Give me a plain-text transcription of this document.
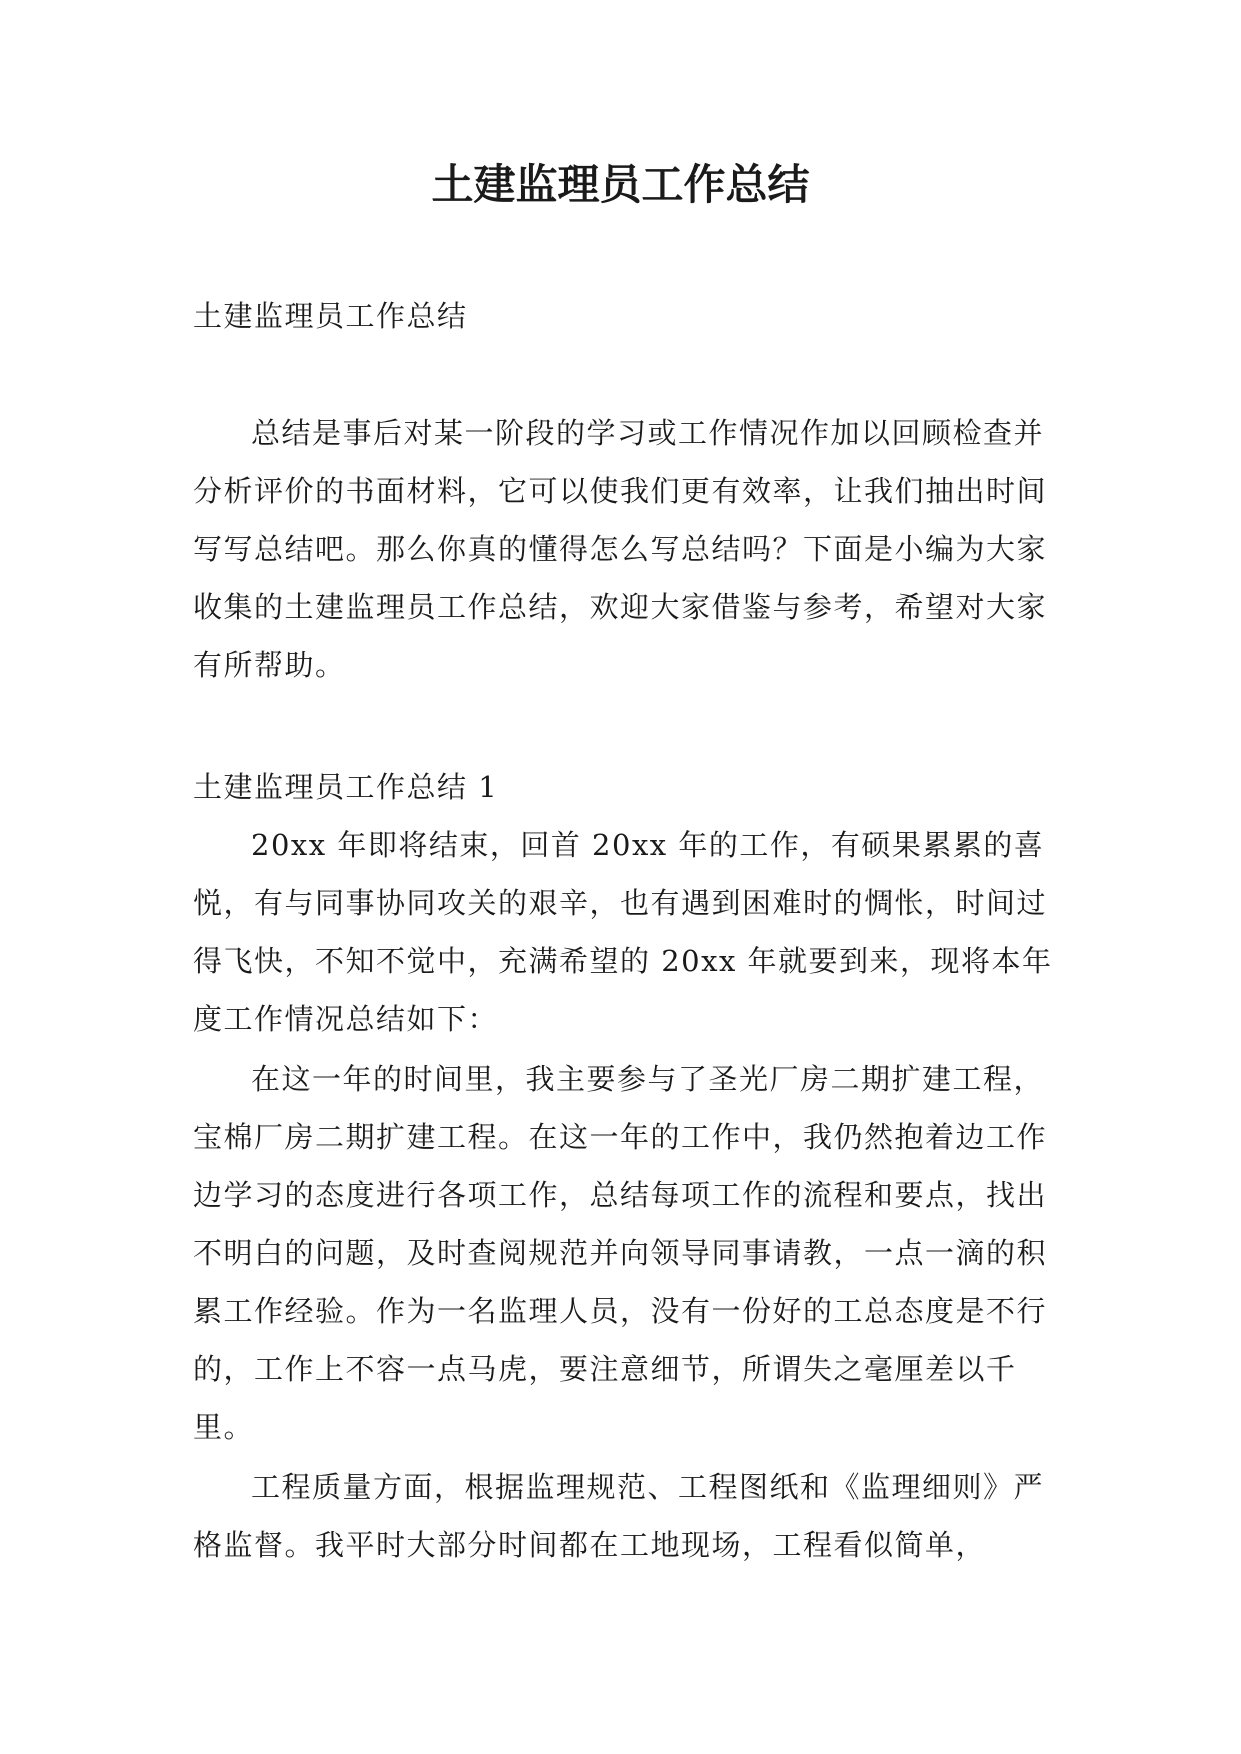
土建监理员工作总结

土建监理员工作总结

总结是事后对某一阶段的学习或工作情况作加以回顾检查并分析评价的书面材料，它可以使我们更有效率，让我们抽出时间写写总结吧。那么你真的懂得怎么写总结吗？下面是小编为大家收集的土建监理员工作总结，欢迎大家借鉴与参考，希望对大家有所帮助。

土建监理员工作总结 1

20xx 年即将结束，回首 20xx 年的工作，有硕果累累的喜悦，有与同事协同攻关的艰辛，也有遇到困难时的惆怅，时间过得飞快，不知不觉中，充满希望的 20xx 年就要到来，现将本年度工作情况总结如下：

在这一年的时间里，我主要参与了圣光厂房二期扩建工程，宝棉厂房二期扩建工程。在这一年的工作中，我仍然抱着边工作边学习的态度进行各项工作，总结每项工作的流程和要点，找出不明白的问题，及时查阅规范并向领导同事请教，一点一滴的积累工作经验。作为一名监理人员，没有一份好的工总态度是不行的，工作上不容一点马虎，要注意细节，所谓失之毫厘差以千里。

工程质量方面，根据监理规范、工程图纸和《监理细则》严格监督。我平时大部分时间都在工地现场，工程看似简单，
